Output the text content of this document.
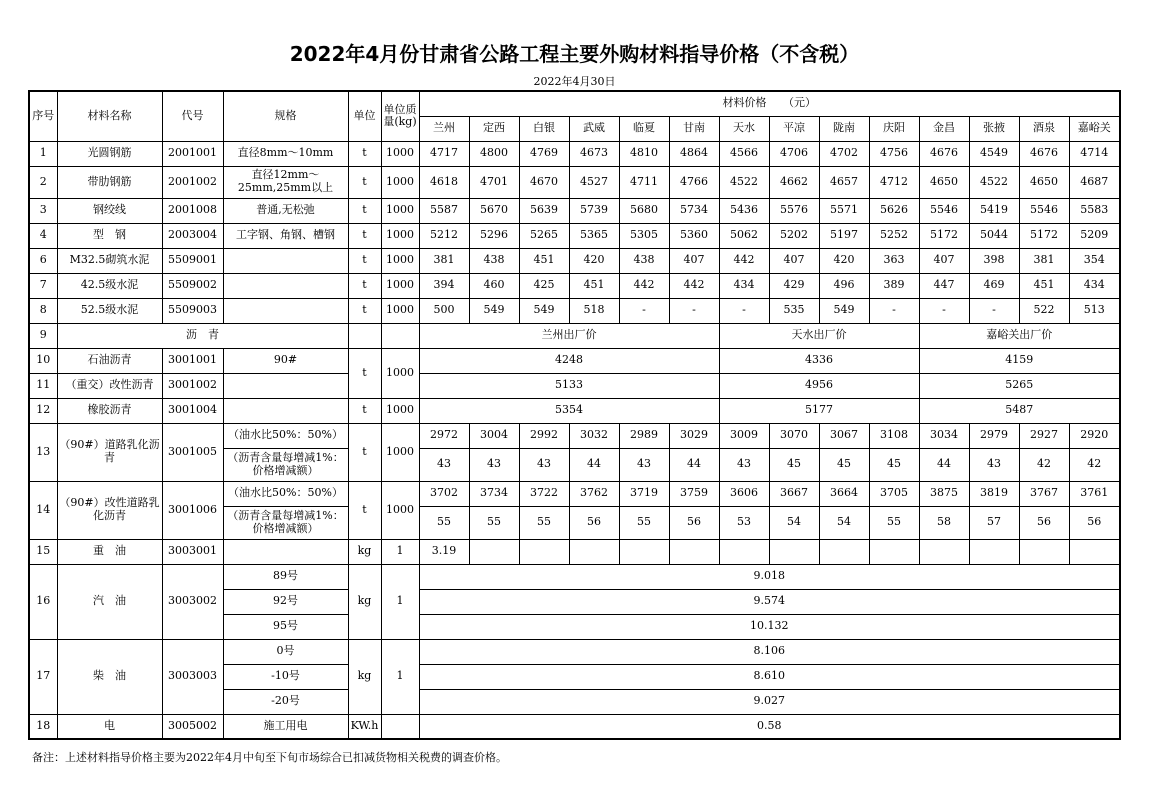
2022年4月份甘肃省公路工程主要外购材料指导价格（不含税）
2022年4月30日
序号	材料名称	代号	规格	单位	单位质量(kg)	材料价格　　（元）													
						兰州	定西	白银	武威	临夏	甘南	天水	平凉	陇南	庆阳	金昌	张掖	酒泉	嘉峪关
1	光圆钢筋	2001001	直径8mm～10mm	t	1000	4717	4800	4769	4673	4810	4864	4566	4706	4702	4756	4676	4549	4676	4714
2	带肋钢筋	2001002	直径12mm～25mm,25mm以上	t	1000	4618	4701	4670	4527	4711	4766	4522	4662	4657	4712	4650	4522	4650	4687
3	钢绞线	2001008	普通,无松弛	t	1000	5587	5670	5639	5739	5680	5734	5436	5576	5571	5626	5546	5419	5546	5583
4	型　钢	2003004	工字钢、角钢、槽钢	t	1000	5212	5296	5265	5365	5305	5360	5062	5202	5197	5252	5172	5044	5172	5209
6	M32.5砌筑水泥	5509001		t	1000	381	438	451	420	438	407	442	407	420	363	407	398	381	354
7	42.5级水泥	5509002		t	1000	394	460	425	451	442	442	434	429	496	389	447	469	451	434
8	52.5级水泥	5509003		t	1000	500	549	549	518	-	-	-	535	549	-	-	-	522	513
9	沥　青					兰州出厂价						天水出厂价				嘉峪关出厂价			
10	石油沥青	3001001	90#	t	1000	4248						4336				4159			
11	（重交）改性沥青	3001002				5133						4956				5265			
12	橡胶沥青	3001004		t	1000	5354						5177				5487			
13	（90#）道路乳化沥青	3001005	（油水比50%：50%）	t	1000	2972	3004	2992	3032	2989	3029	3009	3070	3067	3108	3034	2979	2927	2920
			（沥青含量每增减1%：价格增减额）			43	43	43	44	43	44	43	45	45	45	44	43	42	42
14	（90#）改性道路乳化沥青	3001006	（油水比50%：50%）	t	1000	3702	3734	3722	3762	3719	3759	3606	3667	3664	3705	3875	3819	3767	3761
			（沥青含量每增减1%：价格增减额）			55	55	55	56	55	56	53	54	54	55	58	57	56	56
15	重　油	3003001		kg	1	3.19													
16	汽　油	3003002	89号	kg	1	9.018													
			92号			9.574													
			95号			10.132													
17	柴　油	3003003	0号	kg	1	8.106													
			-10号			8.610													
			-20号			9.027													
18	电	3005002	施工用电	KW.h		0.58													
备注：上述材料指导价格主要为2022年4月中旬至下旬市场综合已扣减货物相关税费的调查价格。
